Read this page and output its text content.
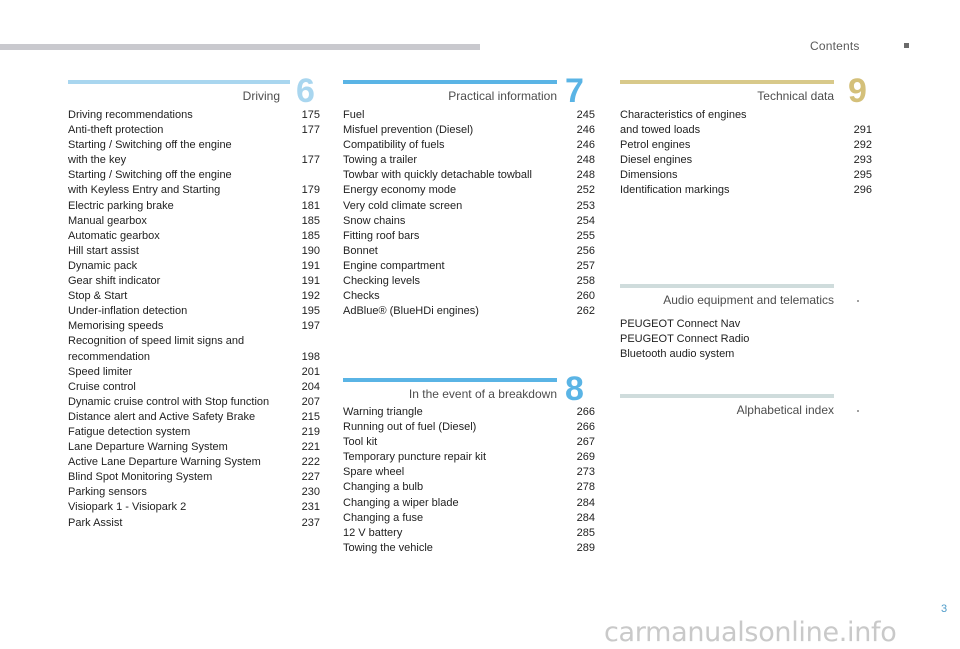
Contents
Driving 6
Driving recommendations	175
Anti-theft protection	177
Starting / Switching off the engine
with the key	177
Starting / Switching off the engine
with Keyless Entry and Starting	179
Electric parking brake	181
Manual gearbox	185
Automatic gearbox	185
Hill start assist	190
Dynamic pack	191
Gear shift indicator	191
Stop & Start	192
Under-inflation detection	195
Memorising speeds	197
Recognition of speed limit signs and
recommendation	198
Speed limiter	201
Cruise control	204
Dynamic cruise control with Stop function	207
Distance alert and Active Safety Brake	215
Fatigue detection system	219
Lane Departure Warning System	221
Active Lane Departure Warning System	222
Blind Spot Monitoring System	227
Parking sensors	230
Visiopark 1 - Visiopark 2	231
Park Assist	237
Practical information 7
Fuel	245
Misfuel prevention (Diesel)	246
Compatibility of fuels	246
Towing a trailer	248
Towbar with quickly detachable towball	248
Energy economy mode	252
Very cold climate screen	253
Snow chains	254
Fitting roof bars	255
Bonnet	256
Engine compartment	257
Checking levels	258
Checks	260
AdBlue® (BlueHDi engines)	262
In the event of a breakdown 8
Warning triangle	266
Running out of fuel (Diesel)	266
Tool kit	267
Temporary puncture repair kit	269
Spare wheel	273
Changing a bulb	278
Changing a wiper blade	284
Changing a fuse	284
12 V battery	285
Towing the vehicle	289
Technical data 9
Characteristics of engines
and towed loads	291
Petrol engines	292
Diesel engines	293
Dimensions	295
Identification markings	296
Audio equipment and telematics
PEUGEOT Connect Nav
PEUGEOT Connect Radio
Bluetooth audio system
Alphabetical index
3
carmanualsonline.info
